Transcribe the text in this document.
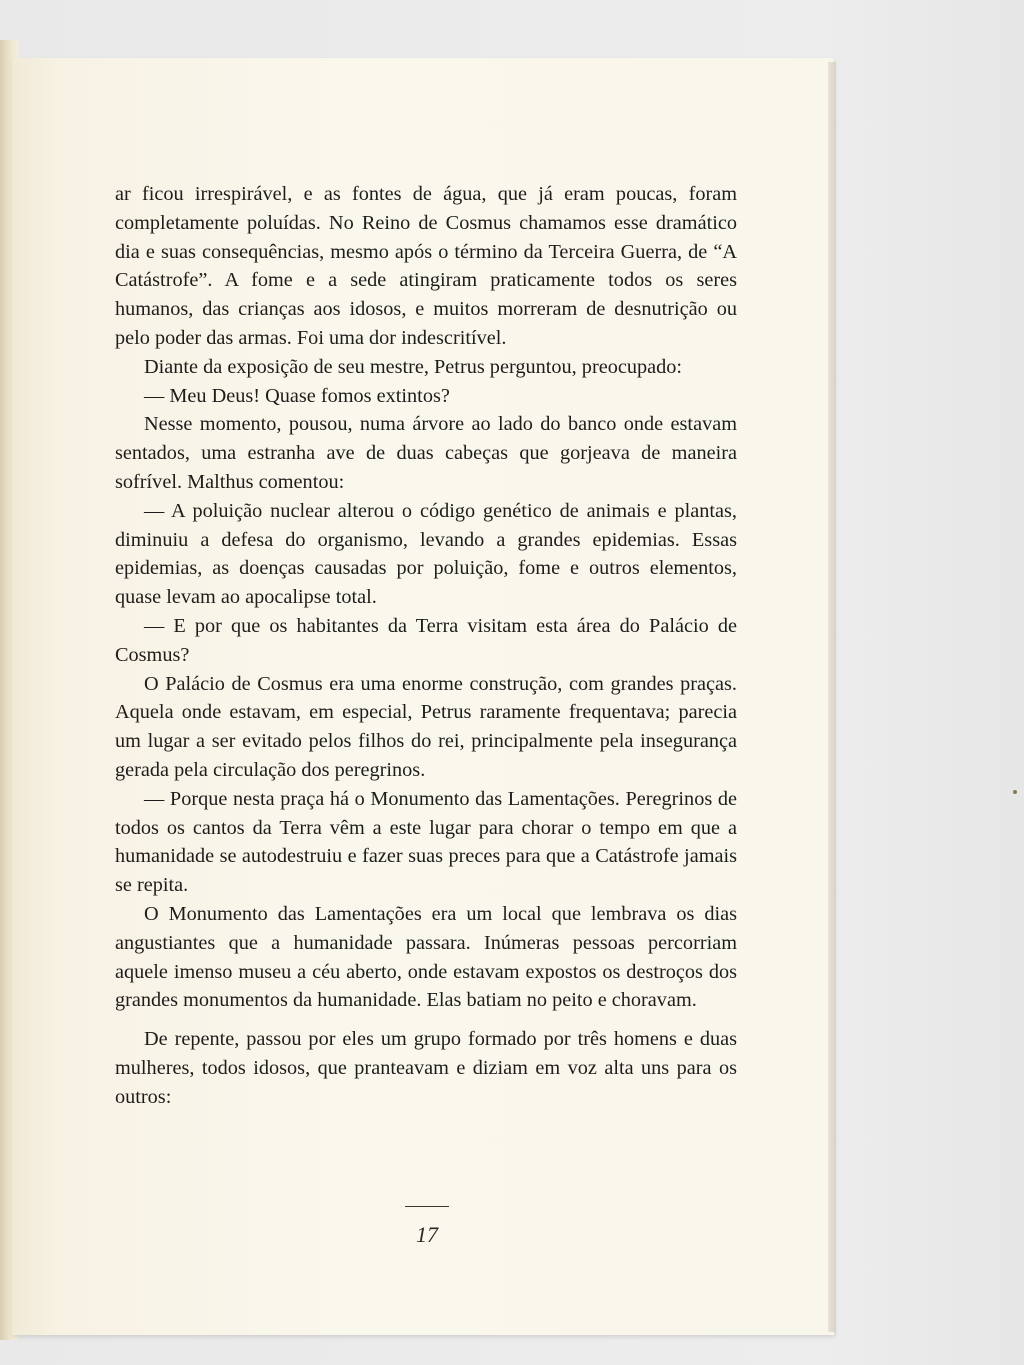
ar ficou irrespirável, e as fontes de água, que já eram poucas, foram completamente poluídas. No Reino de Cosmus chamamos esse dramático dia e suas consequências, mesmo após o término da Terceira Guerra, de “A Catástrofe”. A fome e a sede atingiram praticamente todos os seres humanos, das crianças aos idosos, e muitos morreram de desnutrição ou pelo poder das armas. Foi uma dor indescritível.

Diante da exposição de seu mestre, Petrus perguntou, preocupado:

— Meu Deus! Quase fomos extintos?

Nesse momento, pousou, numa árvore ao lado do banco onde estavam sentados, uma estranha ave de duas cabeças que gorjeava de maneira sofrível. Malthus comentou:

— A poluição nuclear alterou o código genético de animais e plantas, diminuiu a defesa do organismo, levando a grandes epidemias. Essas epidemias, as doenças causadas por poluição, fome e outros elementos, quase levam ao apocalipse total.

— E por que os habitantes da Terra visitam esta área do Palácio de Cosmus?

O Palácio de Cosmus era uma enorme construção, com grandes praças. Aquela onde estavam, em especial, Petrus raramente frequentava; parecia um lugar a ser evitado pelos filhos do rei, principalmente pela insegurança gerada pela circulação dos peregrinos.

— Porque nesta praça há o Monumento das Lamentações. Peregrinos de todos os cantos da Terra vêm a este lugar para chorar o tempo em que a humanidade se autodestruiu e fazer suas preces para que a Catástrofe jamais se repita.

O Monumento das Lamentações era um local que lembrava os dias angustiantes que a humanidade passara. Inúmeras pessoas percorriam aquele imenso museu a céu aberto, onde estavam expostos os destroços dos grandes monumentos da humanidade. Elas batiam no peito e choravam.

De repente, passou por eles um grupo formado por três homens e duas mulheres, todos idosos, que pranteavam e diziam em voz alta uns para os outros:

17
